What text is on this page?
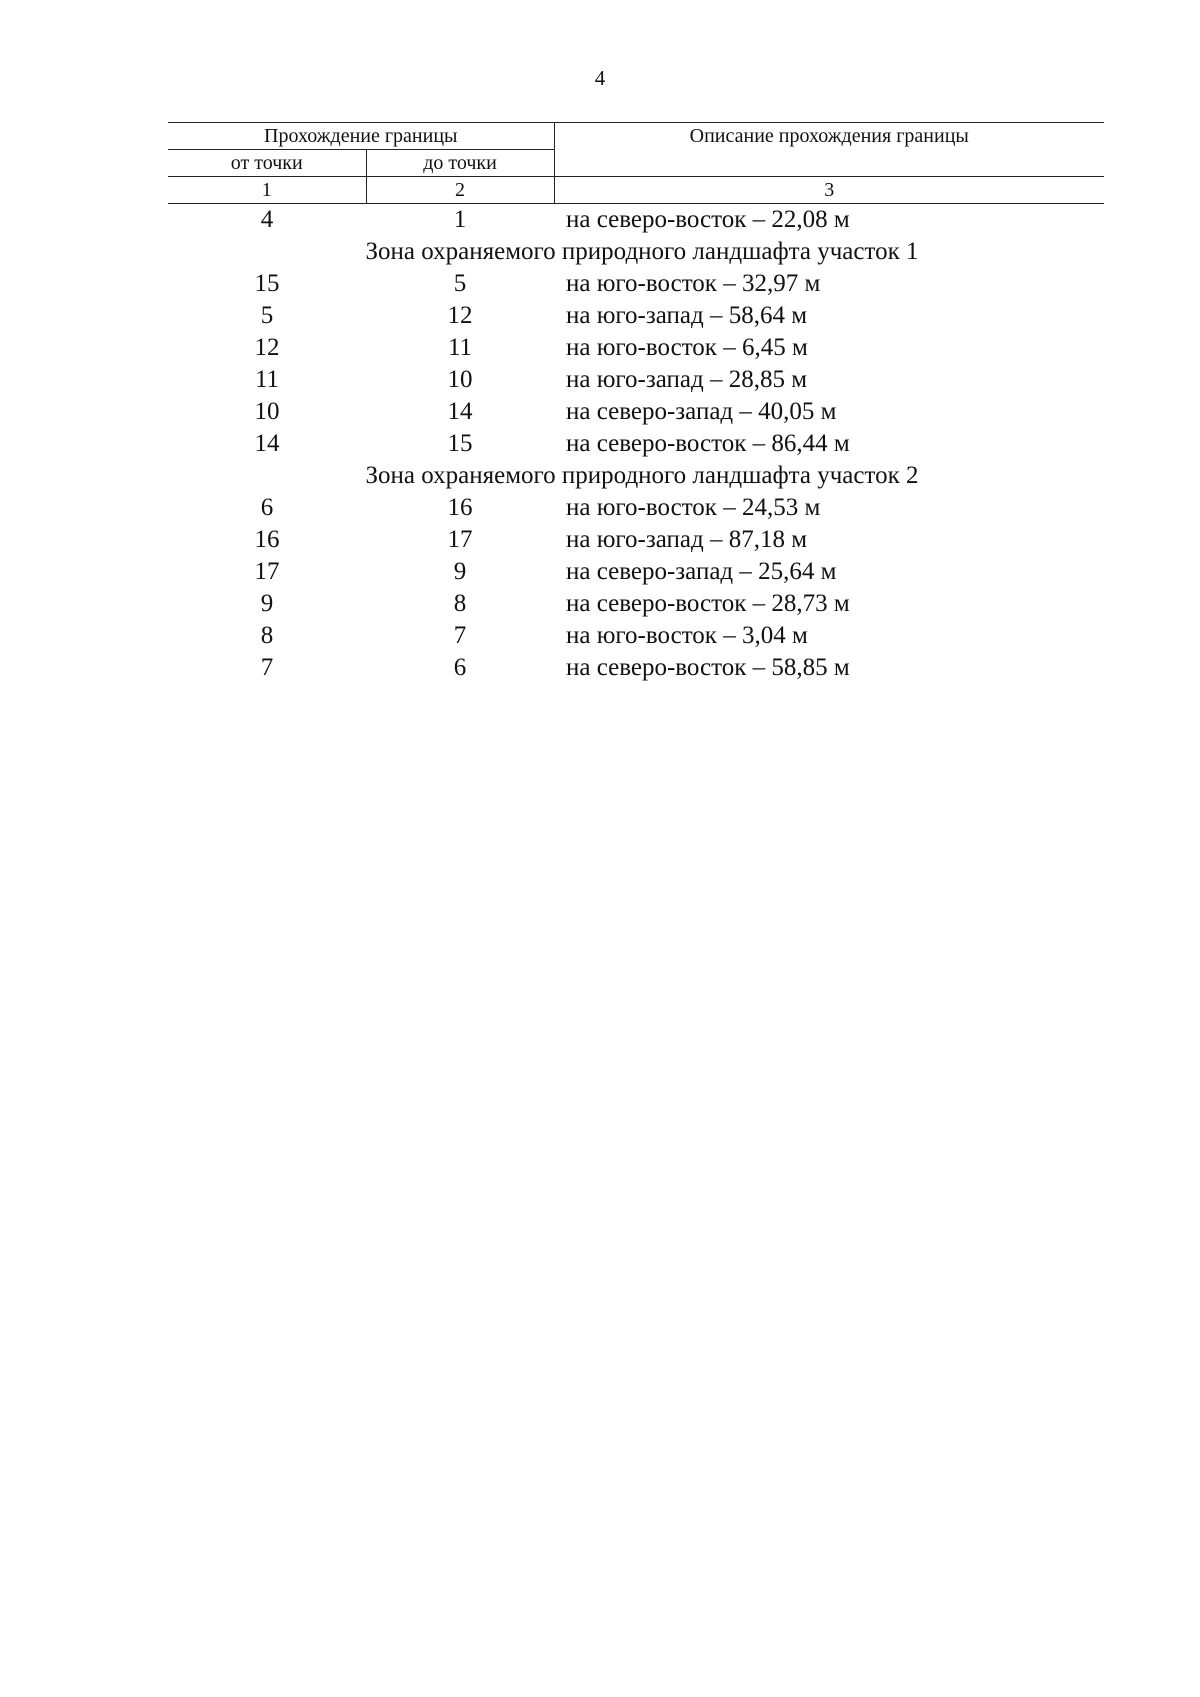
4
Прохождение границы		Описание прохождения границы
от точки	до точки	
1	2	3
4	1	на северо-восток – 22,08 м
Зона охраняемого природного ландшафта участок 1		
15	5	на юго-восток – 32,97 м
5	12	на юго-запад – 58,64 м
12	11	на юго-восток – 6,45 м
11	10	на юго-запад – 28,85 м
10	14	на северо-запад – 40,05 м
14	15	на северо-восток – 86,44 м
Зона охраняемого природного ландшафта участок 2		
6	16	на юго-восток – 24,53 м
16	17	на юго-запад – 87,18 м
17	9	на северо-запад – 25,64 м
9	8	на северо-восток – 28,73 м
8	7	на юго-восток – 3,04 м
7	6	на северо-восток – 58,85 м
